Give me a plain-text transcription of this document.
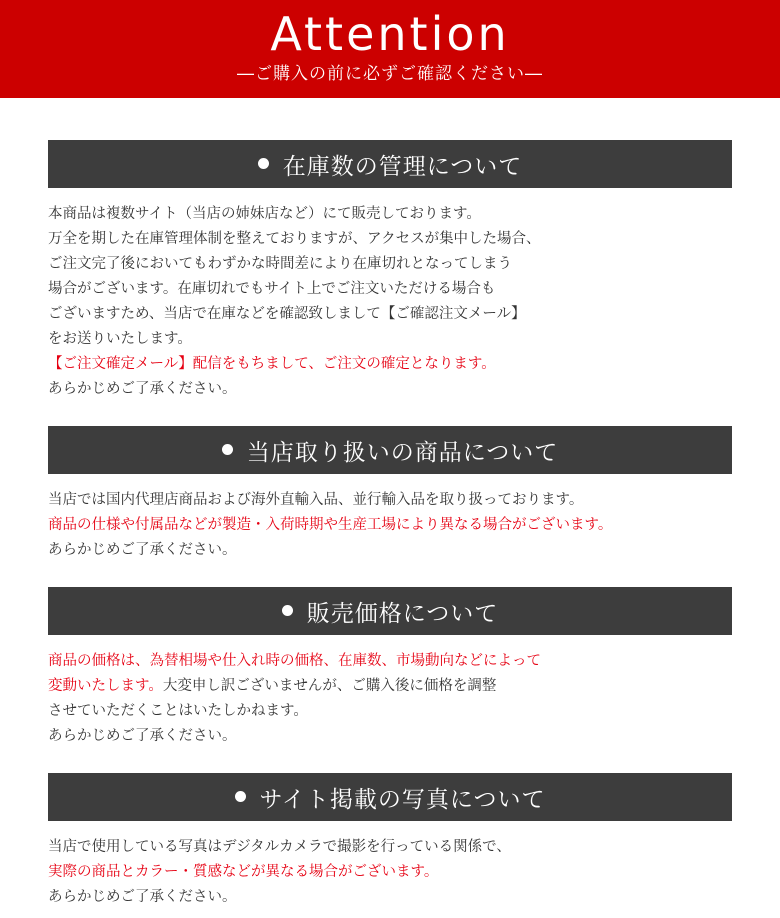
Attention
―ご購入の前に必ずご確認ください―
在庫数の管理について
本商品は複数サイト（当店の姉妹店など）にて販売しております。
万全を期した在庫管理体制を整えておりますが、アクセスが集中した場合、
ご注文完了後においてもわずかな時間差により在庫切れとなってしまう
場合がございます。在庫切れでもサイト上でご注文いただける場合も
ございますため、当店で在庫などを確認致しまして【ご確認注文メール】
をお送りいたします。
【ご注文確定メール】配信をもちまして、ご注文の確定となります。
あらかじめご了承ください。
当店取り扱いの商品について
当店では国内代理店商品および海外直輸入品、並行輸入品を取り扱っております。
商品の仕様や付属品などが製造・入荷時期や生産工場により異なる場合がございます。
あらかじめご了承ください。
販売価格について
商品の価格は、為替相場や仕入れ時の価格、在庫数、市場動向などによって
変動いたします。大変申し訳ございませんが、ご購入後に価格を調整
させていただくことはいたしかねます。
あらかじめご了承ください。
サイト掲載の写真について
当店で使用している写真はデジタルカメラで撮影を行っている関係で、
実際の商品とカラー・質感などが異なる場合がございます。
あらかじめご了承ください。
